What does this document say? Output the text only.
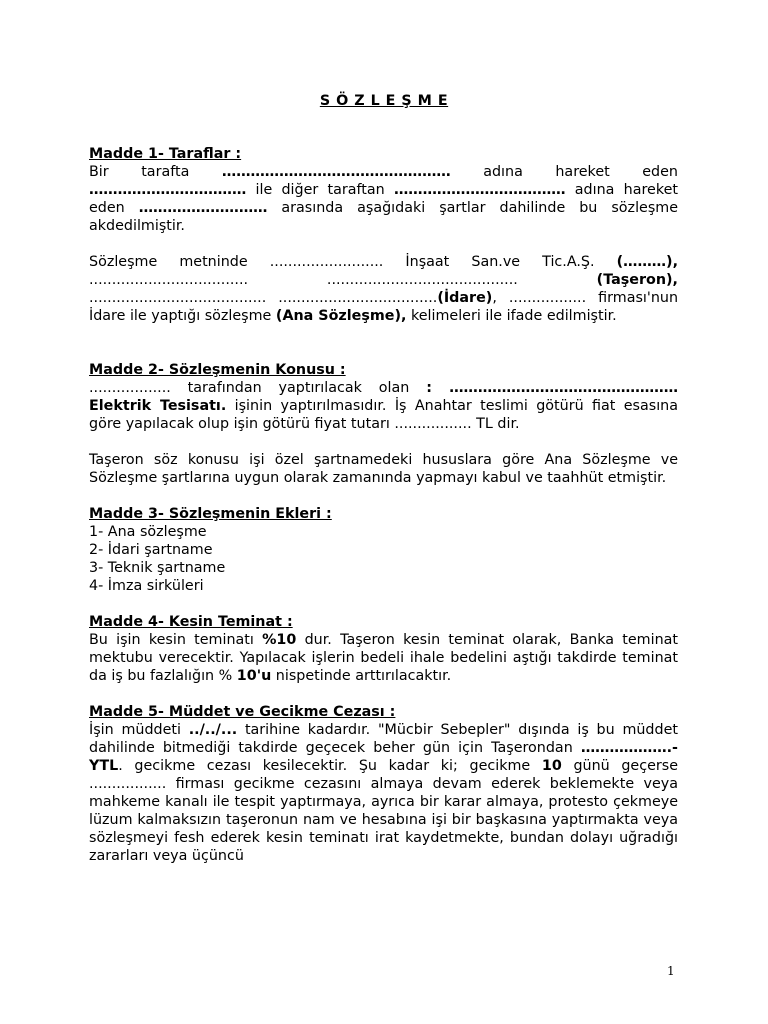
S Ö Z L E Ş M E

Madde 1- Taraflar :

Bir tarafta ………………………………………… adına hareket eden …………………………… ile diğer taraftan ……………………………… adına hareket eden ……………………… arasında aşağıdaki şartlar dahilinde bu sözleşme akdedilmiştir.

Sözleşme metninde ......................... İnşaat San.ve Tic.A.Ş. (………), ................................... .......................................... (Taşeron), ....................................... ...................................(İdare), ................. firması'nun İdare ile yaptığı sözleşme (Ana Sözleşme), kelimeleri ile ifade edilmiştir.

Madde 2- Sözleşmenin Konusu :

.................. tarafından yaptırılacak olan : ………………………………………… Elektrik Tesisatı. işinin yaptırılmasıdır. İş Anahtar teslimi götürü fiat esasına göre yapılacak olup işin götürü fiyat tutarı ................. TL dir.

Taşeron söz konusu işi özel şartnamedeki hususlara göre Ana Sözleşme ve Sözleşme şartlarına uygun olarak zamanında yapmayı kabul ve taahhüt etmiştir.

Madde 3- Sözleşmenin Ekleri :

1- Ana sözleşme
2- İdari şartname
3- Teknik şartname
4- İmza sirküleri

Madde 4- Kesin Teminat :

Bu işin kesin teminatı %10 dur. Taşeron kesin teminat olarak, Banka teminat mektubu verecektir. Yapılacak işlerin bedeli ihale bedelini aştığı takdirde teminat da iş bu fazlalığın % 10'u nispetinde arttırılacaktır.

Madde 5- Müddet ve Gecikme Cezası :

İşin müddeti ../../... tarihine kadardır. "Mücbir Sebepler" dışında iş bu müddet dahilinde bitmediği takdirde geçecek beher gün için Taşerondan ……………….-YTL. gecikme cezası kesilecektir. Şu kadar ki; gecikme 10 günü geçerse ................. firması gecikme cezasını almaya devam ederek beklemekte veya mahkeme kanalı ile tespit yaptırmaya, ayrıca bir karar almaya, protesto çekmeye lüzum kalmaksızın taşeronun nam ve hesabına işi bir başkasına yaptırmakta veya sözleşmeyi fesh ederek kesin teminatı irat kaydetmekte, bundan dolayı uğradığı zararları veya üçüncü

1
